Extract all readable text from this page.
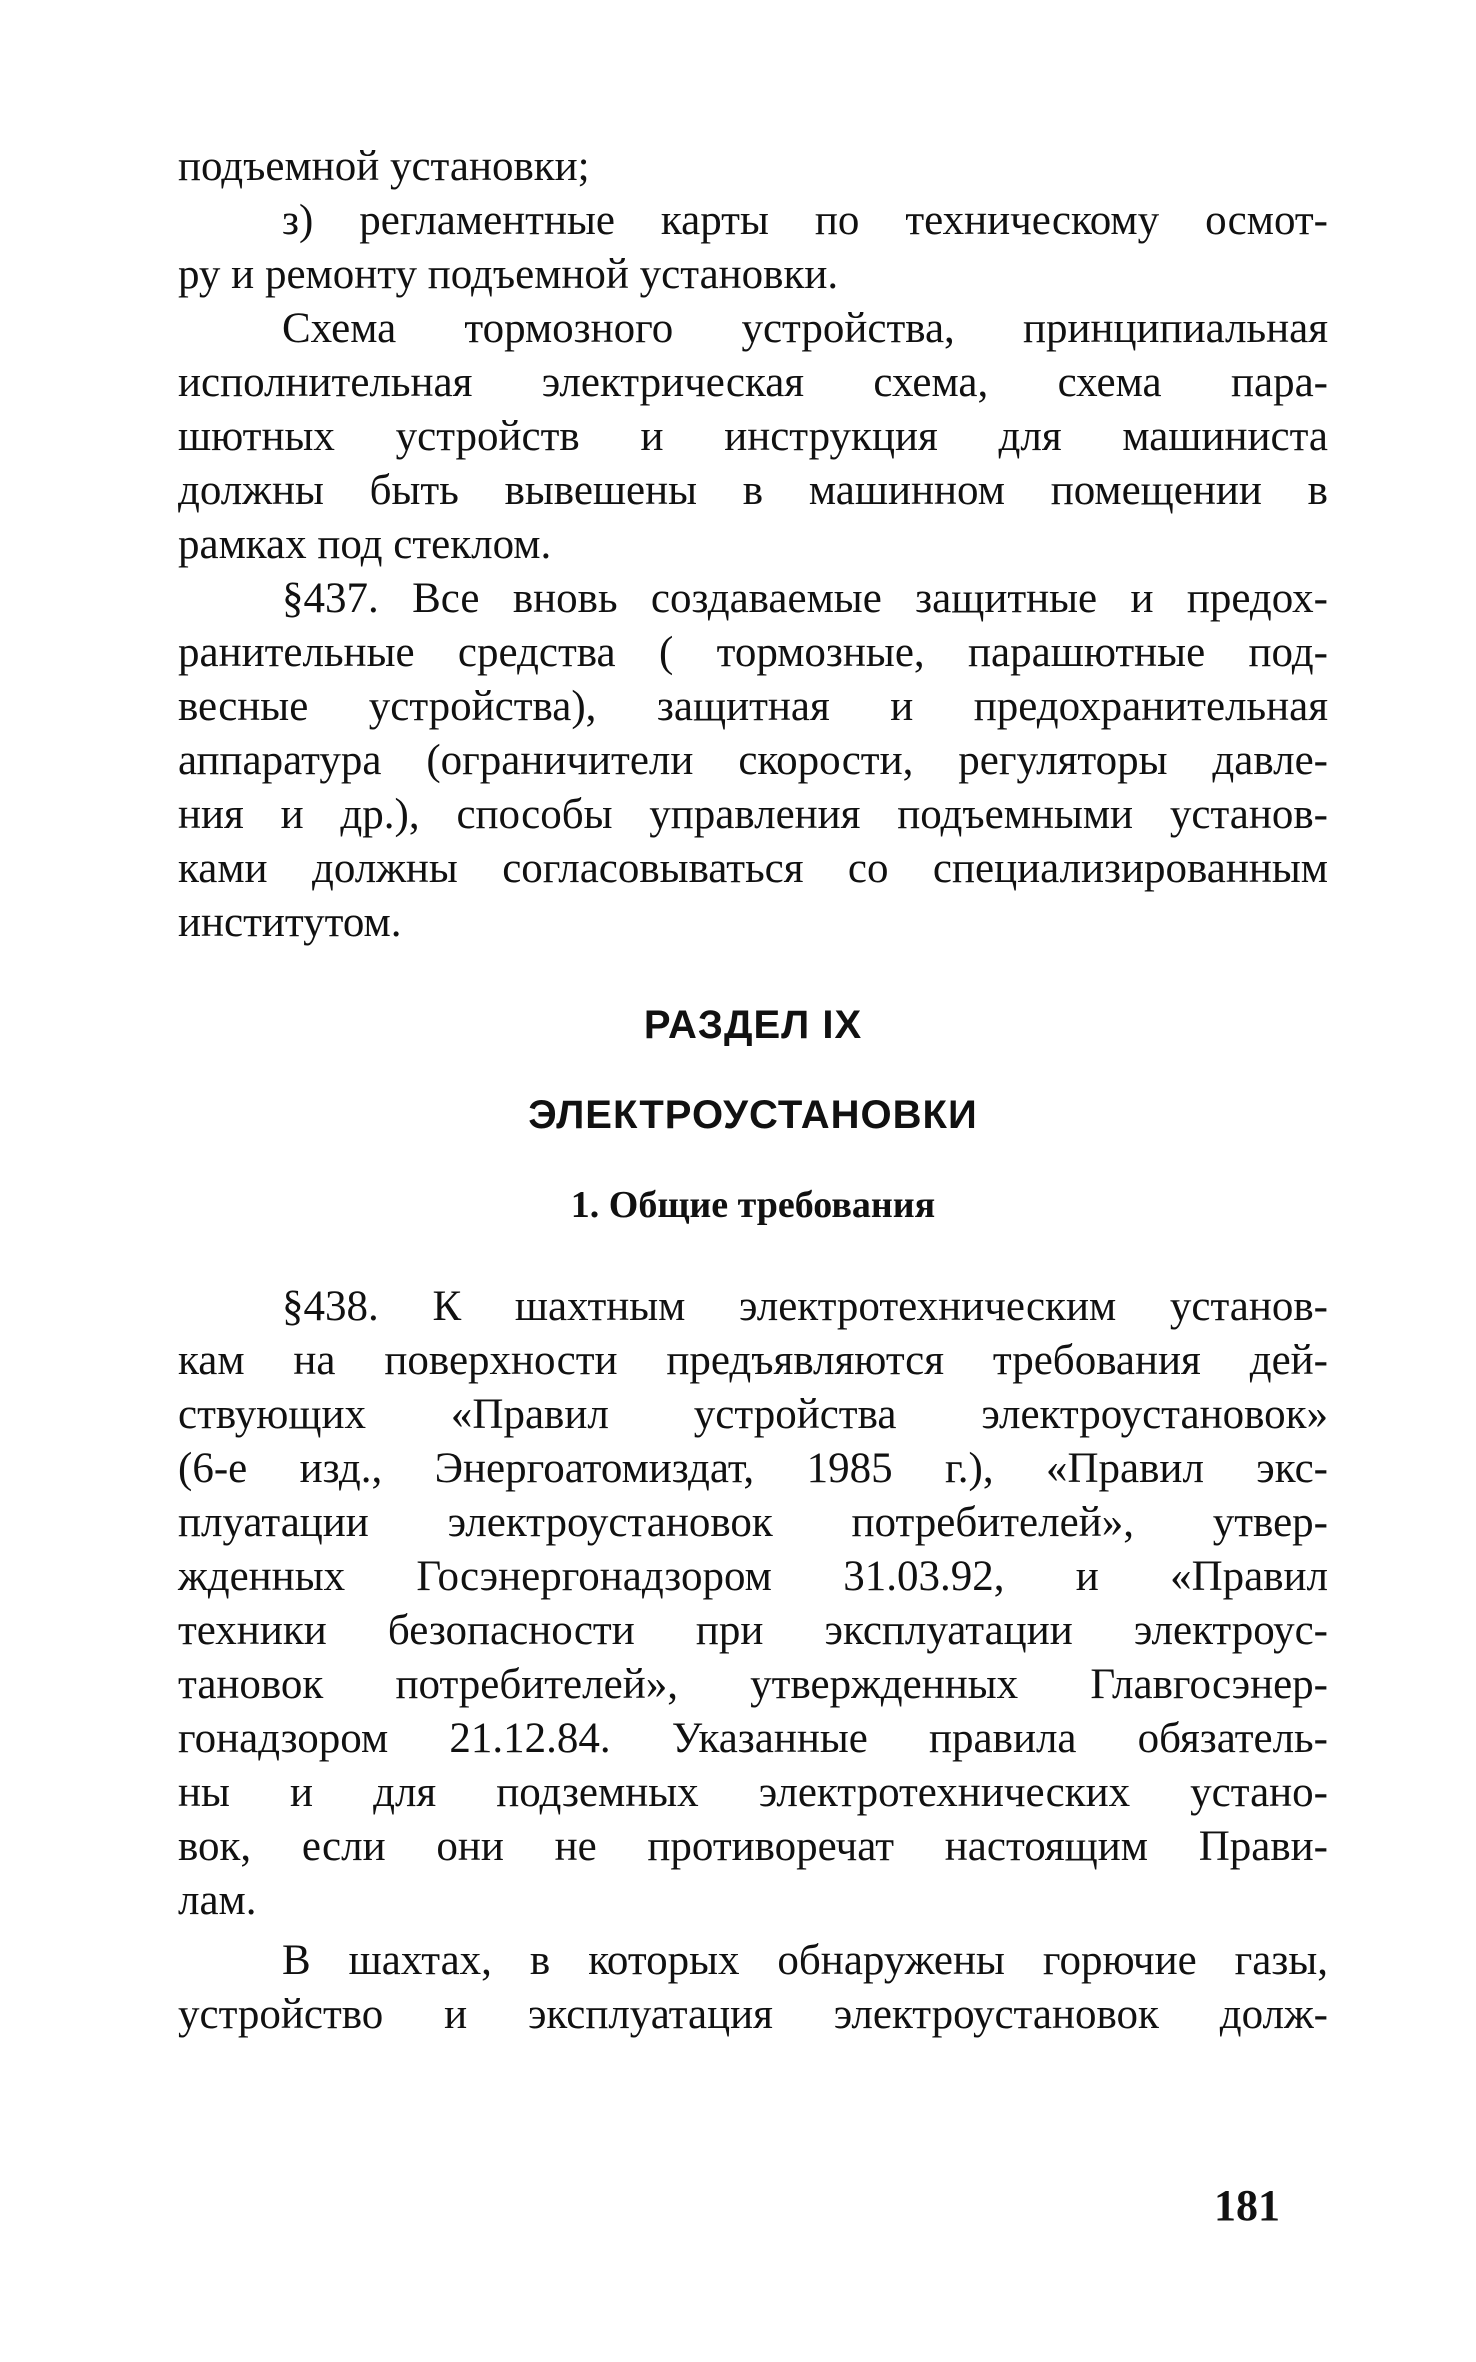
подъемной установки;
з) регламентные карты по техническому осмот-
ру и ремонту подъемной установки.
Схема тормозного устройства, принципиальная
исполнительная электрическая схема, схема пара-
шютных устройств и инструкция для машиниста
должны быть вывешены в машинном помещении в
рамках под стеклом.
§437. Все вновь создаваемые защитные и предох-
ранительные средства ( тормозные, парашютные под-
весные устройства), защитная и предохранительная
аппаратура (ограничители скорости, регуляторы давле-
ния и др.), способы управления подъемными установ-
ками должны согласовываться со специализированным
институтом.
РАЗДЕЛ IX
ЭЛЕКТРОУСТАНОВКИ
1. Общие требования
§438. К шахтным электротехническим установ-
кам на поверхности предъявляются требования дей-
ствующих «Правил устройства электроустановок»
(6-е изд., Энергоатомиздат, 1985 г.), «Правил экс-
плуатации электроустановок потребителей», утвер-
жденных Госэнергонадзором 31.03.92, и «Правил
техники безопасности при эксплуатации электроус-
тановок потребителей», утвержденных Главгосэнер-
гонадзором 21.12.84. Указанные правила обязатель-
ны и для подземных электротехнических устано-
вок, если они не противоречат настоящим Прави-
лам.
В шахтах, в которых обнаружены горючие газы,
устройство и эксплуатация электроустановок долж-
181
